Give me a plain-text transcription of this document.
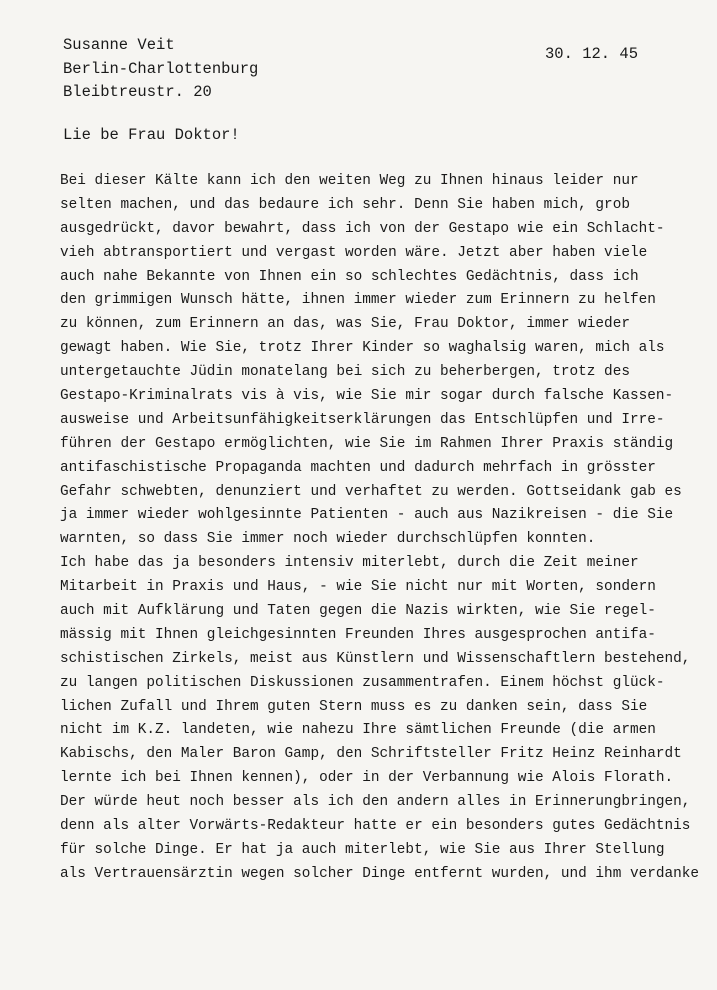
Susanne Veit
Berlin-Charlottenburg
Bleibtreustr. 20
30. 12. 45
Lie be Frau Doktor!
Bei dieser Kälte kann ich den weiten Weg zu Ihnen hinaus leider nur
selten machen, und das bedaure ich sehr. Denn Sie haben mich, grob
ausgedrückt, davor bewahrt, dass ich von der Gestapo wie ein Schlacht-
vieh abtransportiert und vergast worden wäre. Jetzt aber haben viele
auch nahe Bekannte von Ihnen ein so schlechtes Gedächtnis, dass ich
den grimmigen Wunsch hätte, ihnen immer wieder zum Erinnern zu helfen
zu können, zum Erinnern an das, was Sie, Frau Doktor, immer wieder
gewagt haben. Wie Sie, trotz Ihrer Kinder so waghalsig waren, mich als
untergetauchte Jüdin monatelang bei sich zu beherbergen, trotz des
Gestapo-Kriminalrats vis à vis, wie Sie mir sogar durch falsche Kassen-
ausweise und Arbeitsunfähigkeitserklärungen das Entschlüpfen und Irre-
führen der Gestapo ermöglichten, wie Sie im Rahmen Ihrer Praxis ständig
antifaschistische Propaganda machten und dadurch mehrfach in grösster
Gefahr schwebten, denunziert und verhaftet zu werden. Gottseidank gab es
ja immer wieder wohlgesinnte Patienten - auch aus Nazikreisen - die Sie
warnten, so dass Sie immer noch wieder durchschlüpfen konnten.
Ich habe das ja besonders intensiv miterlebt, durch die Zeit meiner
Mitarbeit in Praxis und Haus, - wie Sie nicht nur mit Worten, sondern
auch mit Aufklärung und Taten gegen die Nazis wirkten, wie Sie regel-
mässig mit Ihnen gleichgesinnten Freunden Ihres ausgesprochen antifa-
schistischen Zirkels, meist aus Künstlern und Wissenschaftlern bestehend,
zu langen politischen Diskussionen zusammentrafen. Einem höchst glück-
lichen Zufall und Ihrem guten Stern muss es zu danken sein, dass Sie
nicht im K.Z. landeten, wie nahezu Ihre sämtlichen Freunde (die armen
Kabischs, den Maler Baron Gamp, den Schriftsteller Fritz Heinz Reinhardt
lernte ich bei Ihnen kennen), oder in der Verbannung wie Alois Florath.
Der würde heut noch besser als ich den andern alles in Erinnerungbringen,
denn als alter Vorwärts-Redakteur hatte er ein besonders gutes Gedächtnis
für solche Dinge. Er hat ja auch miterlebt, wie Sie aus Ihrer Stellung
als Vertrauensärztin wegen solcher Dinge entfernt wurden, und ihm verdanke
